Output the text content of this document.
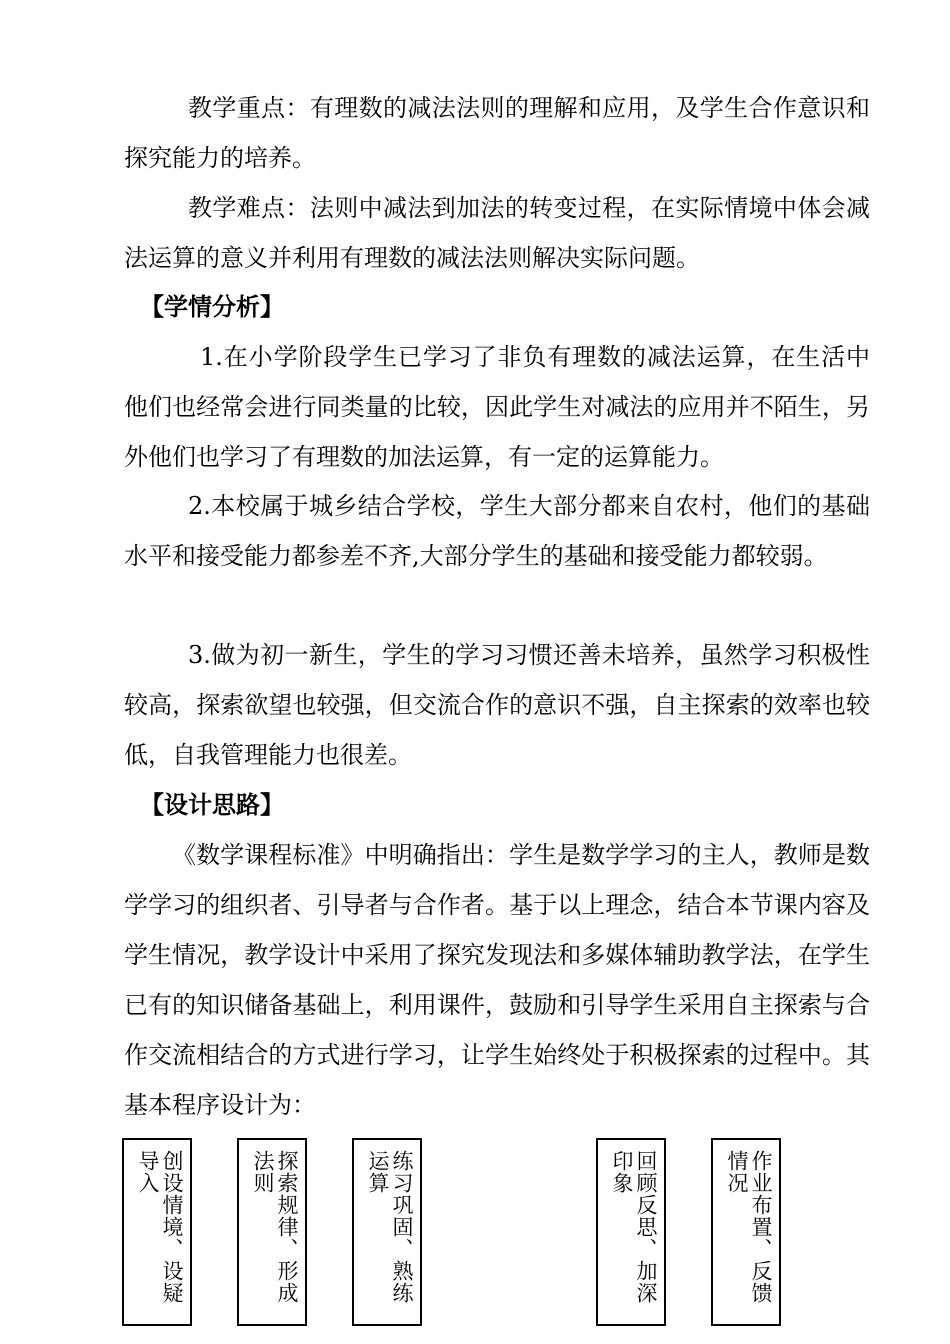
教学重点：有理数的减法法则的理解和应用，及学生合作意识和探究能力的培养。

教学难点：法则中减法到加法的转变过程，在实际情境中体会减法运算的意义并利用有理数的减法法则解决实际问题。

【学情分析】

1.在小学阶段学生已学习了非负有理数的减法运算，在生活中他们也经常会进行同类量的比较，因此学生对减法的应用并不陌生，另外他们也学习了有理数的加法运算，有一定的运算能力。

2.本校属于城乡结合学校，学生大部分都来自农村，他们的基础水平和接受能力都参差不齐,大部分学生的基础和接受能力都较弱。

3.做为初一新生，学生的学习习惯还善未培养，虽然学习积极性较高，探索欲望也较强，但交流合作的意识不强，自主探索的效率也较低，自我管理能力也很差。

【设计思路】

《数学课程标准》中明确指出：学生是数学学习的主人，教师是数学学习的组织者、引导者与合作者。基于以上理念，结合本节课内容及学生情况，教学设计中采用了探究发现法和多媒体辅助教学法，在学生已有的知识储备基础上，利用课件，鼓励和引导学生采用自主探索与合作交流相结合的方式进行学习，让学生始终处于积极探索的过程中。其基本程序设计为：

创设情境、设疑导入	探索规律、形成法则	练习巩固、熟练运算	回顾反思、加深印象	作业布置、反馈情况
